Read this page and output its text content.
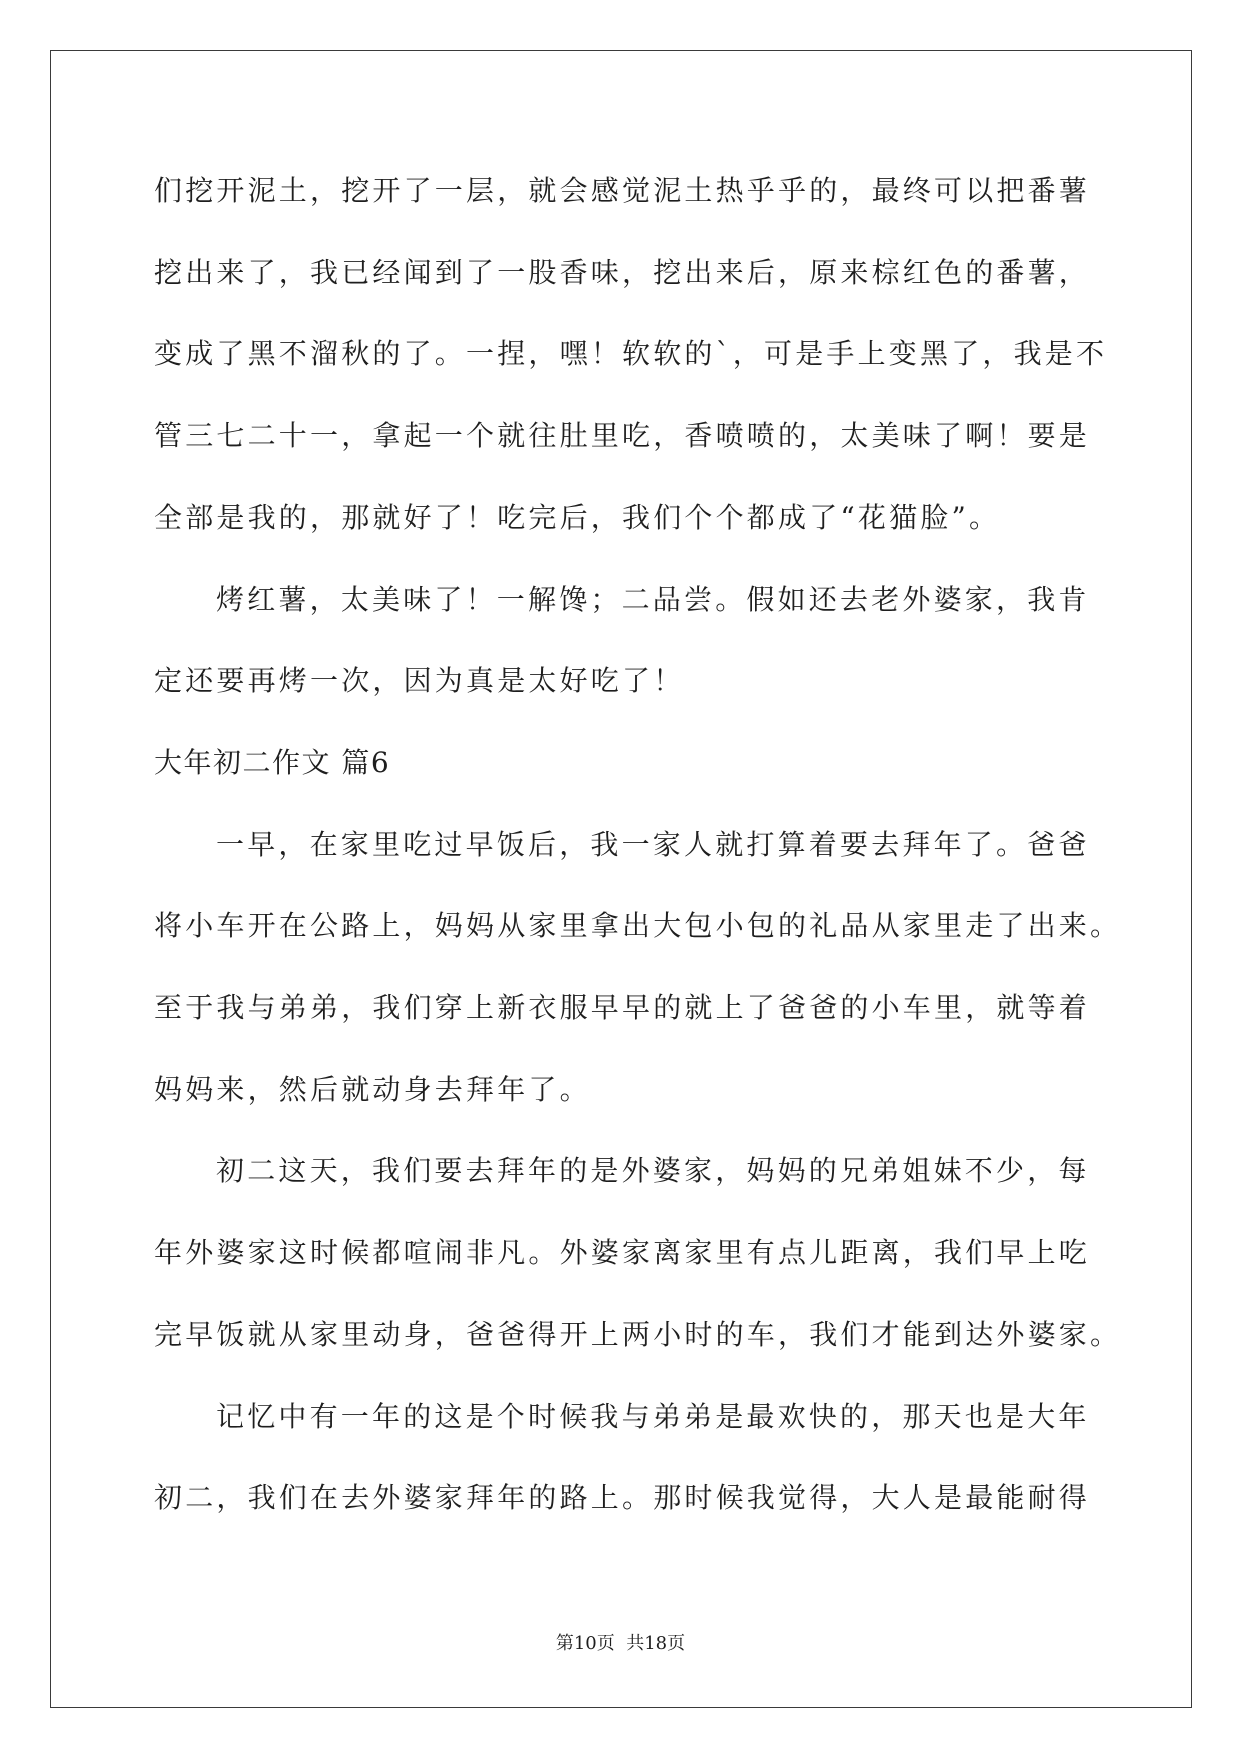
们挖开泥土，挖开了一层，就会感觉泥土热乎乎的，最终可以把番薯
挖出来了，我已经闻到了一股香味，挖出来后，原来棕红色的番薯，
变成了黑不溜秋的了。一捏，嘿！软软的`，可是手上变黑了，我是不
管三七二十一，拿起一个就往肚里吃，香喷喷的，太美味了啊！要是
全部是我的，那就好了！吃完后，我们个个都成了“花猫脸”。
烤红薯，太美味了！一解馋；二品尝。假如还去老外婆家，我肯
定还要再烤一次，因为真是太好吃了！
大年初二作文 篇6
一早，在家里吃过早饭后，我一家人就打算着要去拜年了。爸爸
将小车开在公路上，妈妈从家里拿出大包小包的礼品从家里走了出来。
至于我与弟弟，我们穿上新衣服早早的就上了爸爸的小车里，就等着
妈妈来，然后就动身去拜年了。
初二这天，我们要去拜年的是外婆家，妈妈的兄弟姐妹不少，每
年外婆家这时候都喧闹非凡。外婆家离家里有点儿距离，我们早上吃
完早饭就从家里动身，爸爸得开上两小时的车，我们才能到达外婆家。
记忆中有一年的这是个时候我与弟弟是最欢快的，那天也是大年
初二，我们在去外婆家拜年的路上。那时候我觉得，大人是最能耐得
第10页  共18页
